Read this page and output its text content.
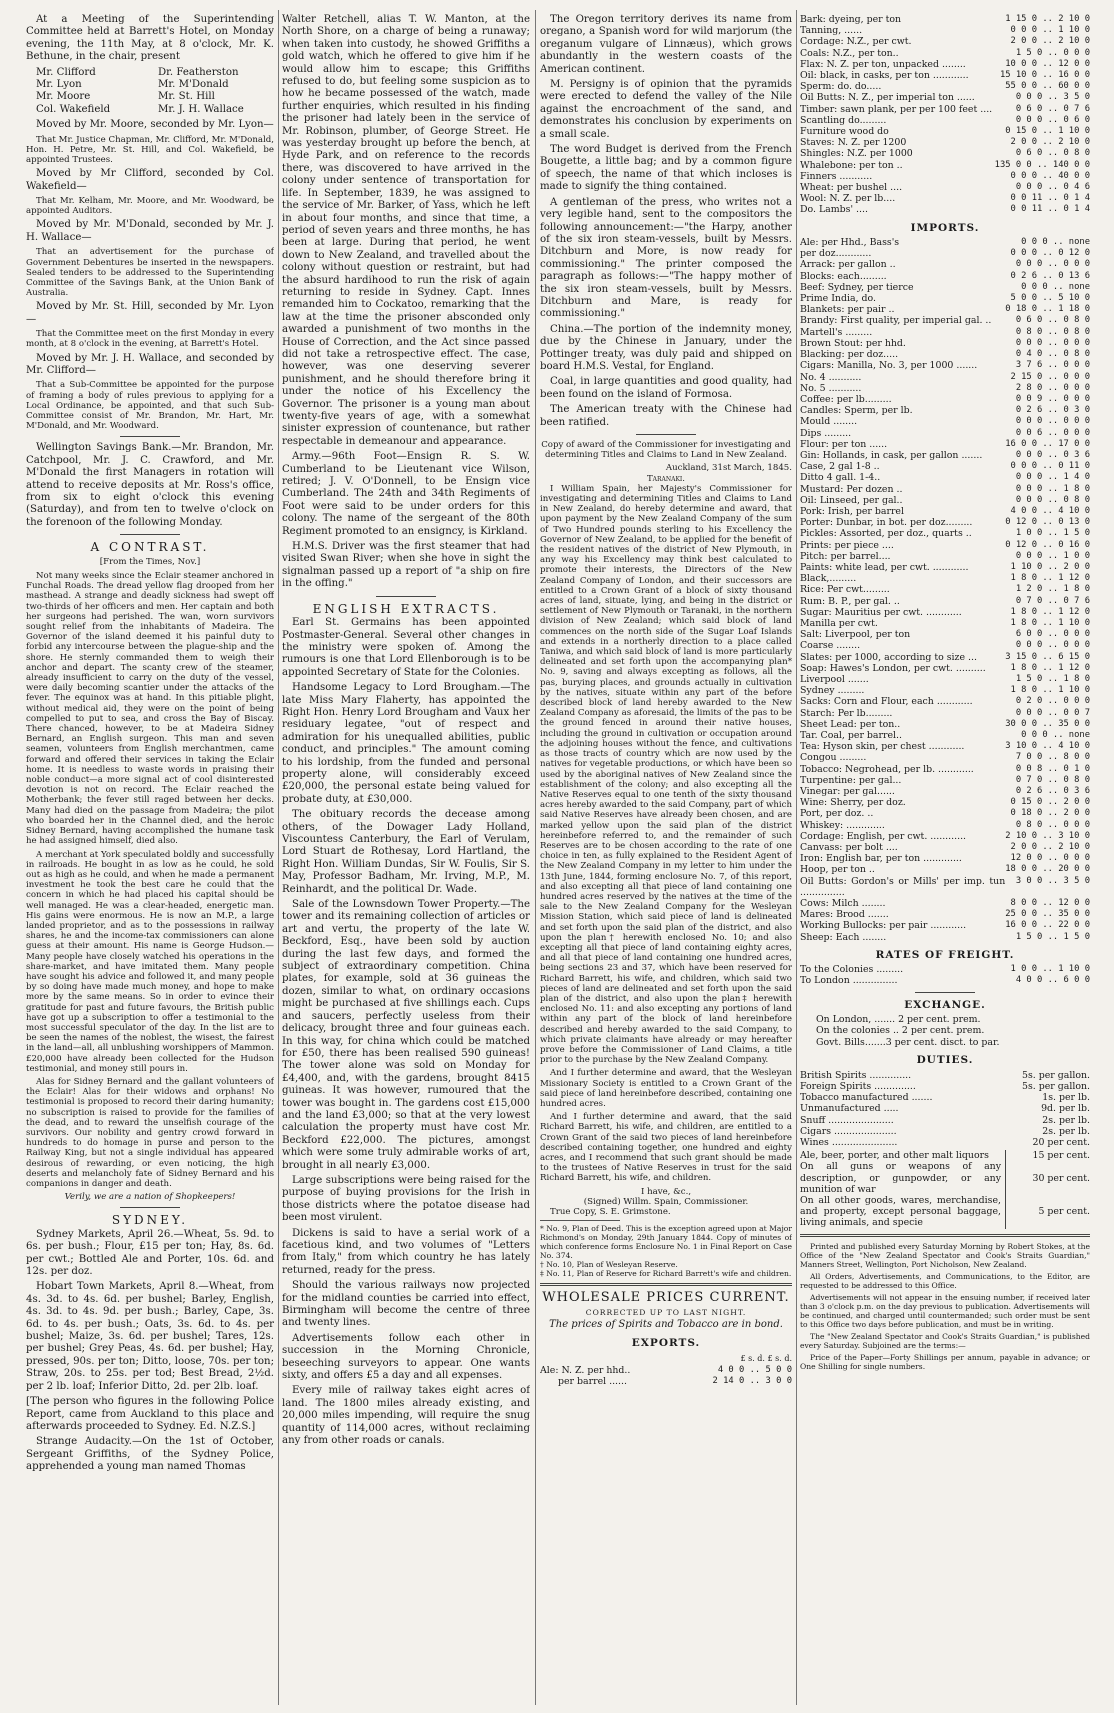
At a Meeting of the Superintending Committee held at Barrett's Hotel, on Monday evening, the 11th May, at 8 o'clock, Mr. K. Bethune, in the chair, present

Mr. Clifford	Dr. Featherston
Mr. Lyon	Mr. M'Donald
Mr. Moore	Mr. St. Hill
Col. Wakefield	Mr. J. H. Wallace

Moved by Mr. Moore, seconded by Mr. Lyon—

That Mr. Justice Chapman, Mr. Clifford, Mr. M'Donald, Hon. H. Petre, Mr. St. Hill, and Col. Wakefield, be appointed Trustees.

Moved by Mr Clifford, seconded by Col. Wakefield—

That Mr. Kelham, Mr. Moore, and Mr. Woodward, be appointed Auditors.

Moved by Mr. M'Donald, seconded by Mr. J. H. Wallace—

That an advertisement for the purchase of Government Debentures be inserted in the newspapers. Sealed tenders to be addressed to the Superintending Committee of the Savings Bank, at the Union Bank of Australia.

Moved by Mr. St. Hill, seconded by Mr. Lyon—

That the Committee meet on the first Monday in every month, at 8 o'clock in the evening, at Barrett's Hotel.

Moved by Mr. J. H. Wallace, and seconded by Mr. Clifford—

That a Sub-Committee be appointed for the purpose of framing a body of rules previous to applying for a Local Ordinance, be appointed, and that such Sub-Committee consist of Mr. Brandon, Mr. Hart, Mr. M'Donald, and Mr. Woodward.

Wellington Savings Bank.—Mr. Brandon, Mr. Catchpool, Mr. J. C. Crawford, and Mr. M'Donald the first Managers in rotation will attend to receive deposits at Mr. Ross's office, from six to eight o'clock this evening (Saturday), and from ten to twelve o'clock on the forenoon of the following Monday.

A CONTRAST.
[From the Times, Nov.]

Not many weeks since the Eclair steamer anchored in Funchal Roads. The dread yellow flag drooped from her masthead. A strange and deadly sickness had swept off two-thirds of her officers and men. Her captain and both her surgeons had perished. The wan, worn survivors sought relief from the inhabitants of Madeira. The Governor of the island deemed it his painful duty to forbid any intercourse between the plague-ship and the shore. He sternly commanded them to weigh their anchor and depart. The scanty crew of the steamer, already insufficient to carry on the duty of the vessel, were daily becoming scantier under the attacks of the fever. The equinox was at hand. In this pitiable plight, without medical aid, they were on the point of being compelled to put to sea, and cross the Bay of Biscay. There chanced, however, to be at Madeira Sidney Bernard, an English surgeon. This man and seven seamen, volunteers from English merchantmen, came forward and offered their services in taking the Eclair home. It is needless to waste words in praising their noble conduct—a more signal act of cool disinterested devotion is not on record. The Eclair reached the Motherbank; the fever still raged between her decks. Many had died on the passage from Madeira; the pilot who boarded her in the Channel died, and the heroic Sidney Bernard, having accomplished the humane task he had assigned himself, died also.

A merchant at York speculated boldly and successfully in railroads. He bought in as low as he could, he sold out as high as he could, and when he made a permanent investment he took the best care he could that the concern in which he had placed his capital should be well managed. He was a clear-headed, energetic man. His gains were enormous. He is now an M.P., a large landed proprietor, and as to the possessions in railway shares, he and the income-tax commissioners can alone guess at their amount. His name is George Hudson.—Many people have closely watched his operations in the share-market, and have imitated them. Many people have sought his advice and followed it, and many people by so doing have made much money, and hope to make more by the same means. So in order to evince their gratitude for past and future favours, the British public have got up a subscription to offer a testimonial to the most successful speculator of the day. In the list are to be seen the names of the noblest, the wisest, the fairest in the land—all, all unblushing worshippers of Mammon. £20,000 have already been collected for the Hudson testimonial, and money still pours in.

Alas for Sidney Bernard and the gallant volunteers of the Eclair! Alas for their widows and orphans! No testimonial is proposed to record their daring humanity; no subscription is raised to provide for the families of the dead, and to reward the unselfish courage of the survivors. Our nobility and gentry crowd forward in hundreds to do homage in purse and person to the Railway King, but not a single individual has appeared desirous of rewarding, or even noticing, the high deserts and melancholy fate of Sidney Bernard and his companions in danger and death.

Verily, we are a nation of Shopkeepers!
SYDNEY.

Sydney Markets, April 26.—Wheat, 5s. 9d. to 6s. per bush.; Flour, £15 per ton; Hay, 8s. 6d. per cwt.; Bottled Ale and Porter, 10s. 6d. and 12s. per doz.

Hobart Town Markets, April 8.—Wheat, from 4s. 3d. to 4s. 6d. per bushel; Barley, English, 4s. 3d. to 4s. 9d. per bush.; Barley, Cape, 3s. 6d. to 4s. per bush.; Oats, 3s. 6d. to 4s. per bushel; Maize, 3s. 6d. per bushel; Tares, 12s. per bushel; Grey Peas, 4s. 6d. per bushel; Hay, pressed, 90s. per ton; Ditto, loose, 70s. per ton; Straw, 20s. to 25s. per tod; Best Bread, 2½d. per 2 lb. loaf; Inferior Ditto, 2d. per 2lb. loaf.

[The person who figures in the following Police Report, came from Auckland to this place and afterwards proceeded to Sydney. Ed. N.Z.S.]

Strange Audacity.—On the 1st of October, Sergeant Griffiths, of the Sydney Police, apprehended a young man named Thomas

Walter Retchell, alias T. W. Manton, at the North Shore, on a charge of being a runaway; when taken into custody, he showed Griffiths a gold watch, which he offered to give him if he would allow him to escape; this Griffiths refused to do, but feeling some suspicion as to how he became possessed of the watch, made further enquiries, which resulted in his finding the prisoner had lately been in the service of Mr. Robinson, plumber, of George Street. He was yesterday brought up before the bench, at Hyde Park, and on reference to the records there, was discovered to have arrived in the colony under sentence of transportation for life. In September, 1839, he was assigned to the service of Mr. Barker, of Yass, which he left in about four months, and since that time, a period of seven years and three months, he has been at large. During that period, he went down to New Zealand, and travelled about the colony without question or restraint, but had the absurd hardihood to run the risk of again returning to reside in Sydney. Capt. Innes remanded him to Cockatoo, remarking that the law at the time the prisoner absconded only awarded a punishment of two months in the House of Correction, and the Act since passed did not take a retrospective effect. The case, however, was one deserving severer punishment, and he should therefore bring it under the notice of his Excellency the Governor. The prisoner is a young man about twenty-five years of age, with a somewhat sinister expression of countenance, but rather respectable in demeanour and appearance.

Army.—96th Foot—Ensign R. S. W. Cumberland to be Lieutenant vice Wilson, retired; J. V. O'Donnell, to be Ensign vice Cumberland. The 24th and 34th Regiments of Foot were said to be under orders for this colony. The name of the sergeant of the 80th Regiment promoted to an ensigncy, is Kirkland.

H.M.S. Driver was the first steamer that had visited Swan River; when she hove in sight the signalman passed up a report of "a ship on fire in the offing."

ENGLISH EXTRACTS.

Earl St. Germains has been appointed Postmaster-General. Several other changes in the ministry were spoken of. Among the rumours is one that Lord Ellenborough is to be appointed Secretary of State for the Colonies.

Handsome Legacy to Lord Brougham.—The late Miss Mary Flaherty, has appointed the Right Hon. Henry Lord Brougham and Vaux her residuary legatee, "out of respect and admiration for his unequalled abilities, public conduct, and principles." The amount coming to his lordship, from the funded and personal property alone, will considerably exceed £20,000, the personal estate being valued for probate duty, at £30,000.

The obituary records the decease among others, of the Dowager Lady Holland, Viscountess Canterbury, the Earl of Verulam, Lord Stuart de Rothesay, Lord Hartland, the Right Hon. William Dundas, Sir W. Foulis, Sir S. May, Professor Badham, Mr. Irving, M.P., M. Reinhardt, and the political Dr. Wade.

Sale of the Lownsdown Tower Property.—The tower and its remaining collection of articles or art and vertu, the property of the late W. Beckford, Esq., have been sold by auction during the last few days, and formed the subject of extraordinary competition. China plates, for example, sold at 36 guineas the dozen, similar to what, on ordinary occasions might be purchased at five shillings each. Cups and saucers, perfectly useless from their delicacy, brought three and four guineas each. In this way, for china which could be matched for £50, there has been realised 590 guineas! The tower alone was sold on Monday for £4,400, and, with the gardens, brought 8415 guineas. It was however, rumoured that the tower was bought in. The gardens cost £15,000 and the land £3,000; so that at the very lowest calculation the property must have cost Mr. Beckford £22,000. The pictures, amongst which were some truly admirable works of art, brought in all nearly £3,000.

Large subscriptions were being raised for the purpose of buying provisions for the Irish in those districts where the potatoe disease had been most virulent.

Dickens is said to have a serial work of a facetious kind, and two volumes of "Letters from Italy," from which country he has lately returned, ready for the press.

Should the various railways now projected for the midland counties be carried into effect, Birmingham will become the centre of three and twenty lines.

Advertisements follow each other in succession in the Morning Chronicle, beseeching surveyors to appear. One wants sixty, and offers £5 a day and all expenses.

Every mile of railway takes eight acres of land. The 1800 miles already existing, and 20,000 miles impending, will require the snug quantity of 114,000 acres, without reclaiming any from other roads or canals.

The Oregon territory derives its name from oregano, a Spanish word for wild marjorum (the oreganum vulgare of Linnæus), which grows abundantly in the western coasts of the American continent.

M. Persigny is of opinion that the pyramids were erected to defend the valley of the Nile against the encroachment of the sand, and demonstrates his conclusion by experiments on a small scale.

The word Budget is derived from the French Bougette, a little bag; and by a common figure of speech, the name of that which incloses is made to signify the thing contained.

A gentleman of the press, who writes not a very legible hand, sent to the compositors the following announcement:—"the Harpy, another of the six iron steam-vessels, built by Messrs. Ditchburn and More, is now ready for commissioning." The printer composed the paragraph as follows:—"The happy mother of the six iron steam-vessels, built by Messrs. Ditchburn and Mare, is ready for commissioning."

China.—The portion of the indemnity money, due by the Chinese in January, under the Pottinger treaty, was duly paid and shipped on board H.M.S. Vestal, for England.

Coal, in large quantities and good quality, had been found on the island of Formosa.

The American treaty with the Chinese had been ratified.

Copy of award of the Commissioner for investigating and determining Titles and Claims to Land in New Zealand.

Auckland, 31st March, 1845.
Taranaki.

I William Spain, her Majesty's Commissioner for investigating and determining Titles and Claims to Land in New Zealand, do hereby determine and award, that upon payment by the New Zealand Company of the sum of Two Hundred pounds sterling to his Excellency the Governor of New Zealand, to be applied for the benefit of the resident natives of the district of New Plymouth, in any way his Excellency may think best calculated to promote their interests, the Directors of the New Zealand Company of London, and their successors are entitled to a Crown Grant of a block of sixty thousand acres of land, situate, lying, and being in the district or settlement of New Plymouth or Taranaki, in the northern division of New Zealand; which said block of land commences on the north side of the Sugar Loaf Islands and extends in a northerly direction to a place called Taniwa, and which said block of land is more particularly delineated and set forth upon the accompanying plan* No. 9, saving and always excepting as follows, all the pas, burying places, and grounds actually in cultivation by the natives, situate within any part of the before described block of land hereby awarded to the New Zealand Company as aforesaid, the limits of the pas to be the ground fenced in around their native houses, including the ground in cultivation or occupation around the adjoining houses without the fence, and cultivations as those tracts of country which are now used by the natives for vegetable productions, or which have been so used by the aboriginal natives of New Zealand since the establishment of the colony; and also excepting all the Native Reserves equal to one tenth of the sixty thousand acres hereby awarded to the said Company, part of which said Native Reserves have already been chosen, and are marked yellow upon the said plan of the district hereinbefore referred to, and the remainder of such Reserves are to be chosen according to the rate of one choice in ten, as fully explained to the Resident Agent of the New Zealand Company in my letter to him under the 13th June, 1844, forming enclosure No. 7, of this report, and also excepting all that piece of land containing one hundred acres reserved by the natives at the time of the sale to the New Zealand Company for the Wesleyan Mission Station, which said piece of land is delineated and set forth upon the said plan of the district, and also upon the plan† herewith enclosed No. 10; and also excepting all that piece of land containing eighty acres, and all that piece of land containing one hundred acres, being sections 23 and 37, which have been reserved for Richard Barrett, his wife, and children, which said two pieces of land are delineated and set forth upon the said plan of the district, and also upon the plan‡ herewith enclosed No. 11: and also excepting any portions of land within any part of the block of land hereinbefore described and hereby awarded to the said Company, to which private claimants have already or may hereafter prove before the Commissioner of Land Claims, a title prior to the purchase by the New Zealand Company.

And I further determine and award, that the Wesleyan Missionary Society is entitled to a Crown Grant of the said piece of land hereinbefore described, containing one hundred acres.

And I further determine and award, that the said Richard Barrett, his wife, and children, are entitled to a Crown Grant of the said two pieces of land hereinbefore described containing together, one hundred and eighty acres, and I recommend that such grant should be made to the trustees of Native Reserves in trust for the said Richard Barrett, his wife, and children.

I have, &c.,
(Signed) Willm. Spain, Commissioner.
True Copy, S. E. Grimstone.
* No. 9, Plan of Deed. This is the exception agreed upon at Major Richmond's on Monday, 29th January 1844. Copy of minutes of which conference forms Enclosure No. 1 in Final Report on Case No. 374.
† No. 10, Plan of Wesleyan Reserve.
‡ No. 11, Plan of Reserve for Richard Barrett's wife and children.
WHOLESALE PRICES CURRENT.
CORRECTED UP TO LAST NIGHT.
The prices of Spirits and Tobacco are in bond.
EXPORTS.
£ s. d. £ s. d.
Ale: N. Z. per hhd..	4 0 0 .. 5 0 0
per barrel ......	2 14 0 .. 3 0 0
Bark: dyeing, per ton	1 15 0 .. 2 10 0
Tanning, ......	0 0 0 .. 1 10 0
Cordage: N.Z., per cwt.	2 0 0 .. 2 10 0
Coals: N.Z., per ton..	1 5 0 .. 0 0 0
Flax: N. Z. per ton, unpacked ........	10 0 0 .. 12 0 0
Oil: black, in casks, per ton ............	15 10 0 .. 16 0 0
Sperm: do. do.....	55 0 0 .. 60 0 0
Oil Butts: N. Z., per imperial ton ......	0 0 0 .. 3 5 0
Timber: sawn plank, per per 100 feet ....	0 6 0 .. 0 7 6
Scantling do.........	0 0 0 .. 0 6 0
Furniture wood do	0 15 0 .. 1 10 0
Staves: N. Z. per 1200	2 0 0 .. 2 10 0
Shingles: N.Z. per 1000	0 6 0 .. 0 8 0
Whalebone: per ton ..	135 0 0 .. 140 0 0
Finners ...........	0 0 0 .. 40 0 0
Wheat: per bushel ....	0 0 0 .. 0 4 6
Wool: N. Z. per lb....	0 0 11 .. 0 1 4
Do. Lambs' ....	0 0 11 .. 0 1 4
IMPORTS.
Ale: per Hhd., Bass's	0 0 0 .. none
per doz............	0 0 0 .. 0 12 0
Arrack: per gallon ..	0 0 0 .. 0 0 0
Blocks: each.........	0 2 6 .. 0 13 6
Beef: Sydney, per tierce	0 0 0 .. none
Prime India, do.	5 0 0 .. 5 10 0
Blankets: per pair ..	0 18 0 .. 1 18 0
Brandy: First quality, per imperial gal. ..	0 6 0 .. 0 8 0
Martell's .........	0 8 0 .. 0 8 0
Brown Stout: per hhd.	0 0 0 .. 0 0 0
Blacking: per doz.....	0 4 0 .. 0 8 0
Cigars: Manilla, No. 3, per 1000 .......	3 7 6 .. 0 0 0
No. 4 ...........	2 15 0 .. 0 0 0
No. 5 ...........	2 8 0 .. 0 0 0
Coffee: per lb.........	0 0 9 .. 0 0 0
Candles: Sperm, per lb.	0 2 6 .. 0 3 0
Mould ........	0 0 0 .. 0 0 0
Dips .........	0 0 6 .. 0 0 0
Flour: per ton ......	16 0 0 .. 17 0 0
Gin: Hollands, in cask, per gallon .......	0 0 0 .. 0 3 6
Case, 2 gal 1-8 ..	0 0 0 .. 0 11 0
Ditto 4 gall. 1-4..	0 0 0 .. 1 4 0
Mustard: Per dozen ..	0 0 0 .. 1 8 0
Oil: Linseed, per gal..	0 0 0 .. 0 8 0
Pork: Irish, per barrel	4 0 0 .. 4 10 0
Porter: Dunbar, in bot. per doz.........	0 12 0 .. 0 13 0
Pickles: Assorted, per doz., quarts ..	1 0 0 .. 1 5 0
Prints: per piece ....	0 12 0 .. 0 16 0
Pitch: per barrel....	0 0 0 .. 1 0 0
Paints: white lead, per cwt. ............	1 10 0 .. 2 0 0
Black,.........	1 8 0 .. 1 12 0
Rice: Per cwt.........	1 2 0 .. 1 8 0
Rum: B. P., per gal. ..	0 7 0 .. 0 7 6
Sugar: Mauritius per cwt. ............	1 8 0 .. 1 12 0
Manilla per cwt.	1 8 0 .. 1 10 0
Salt: Liverpool, per ton	6 0 0 .. 0 0 0
Coarse ........	0 0 0 .. 0 0 0
Slates: per 1000, according to size ...	3 15 0 .. 6 15 0
Soap: Hawes's London, per cwt. ..........	1 8 0 .. 1 12 0
Liverpool .......	1 5 0 .. 1 8 0
Sydney .........	1 8 0 .. 1 10 0
Sacks: Corn and Flour, each ............	0 2 0 .. 0 0 0
Starch: Per lb.........	0 0 0 .. 0 0 7
Sheet Lead: per ton..	30 0 0 .. 35 0 0
Tar. Coal, per barrel..	0 0 0 .. none
Tea: Hyson skin, per chest ............	3 10 0 .. 4 10 0
Congou .........	7 0 0 .. 8 0 0
Tobacco: Negrohead, per lb. ............	0 0 8 .. 0 1 0
Turpentine: per gal...	0 7 0 .. 0 8 0
Vinegar: per gal......	0 2 6 .. 0 3 6
Wine: Sherry, per doz.	0 15 0 .. 2 0 0
Port, per doz. ..	0 18 0 .. 2 0 0
Whiskey: .............	0 8 0 .. 0 0 0
Cordage: English, per cwt. ............	2 10 0 .. 3 10 0
Canvass: per bolt ....	2 0 0 .. 2 10 0
Iron: English bar, per ton .............	12 0 0 .. 0 0 0
Hoop, per ton ..	18 0 0 .. 20 0 0
Oil Butts: Gordon's or Mills' per imp. tun ...............	3 0 0 .. 3 5 0
Cows: Milch ........	8 0 0 .. 12 0 0
Mares: Brood .......	25 0 0 .. 35 0 0
Working Bullocks: per pair ............	16 0 0 .. 22 0 0
Sheep: Each ........	1 5 0 .. 1 5 0
RATES OF FREIGHT.
To the Colonies .........	1 0 0 .. 1 10 0
To London ...............	4 0 0 .. 6 0 0
EXCHANGE.
On London, ....... 2 per cent. prem.
On the colonies .. 2 per cent. prem.
Govt. Bills.......3 per cent. disct. to par.
DUTIES.
British Spirits ..............	5s. per gallon.
Foreign Spirits ..............	5s. per gallon.
Tobacco manufactured .......	1s. per lb.
Unmanufactured .....	9d. per lb.
Snuff ......................	2s. per lb.
Cigars .....................	2s. per lb.
Wines ......................	20 per cent.
Ale, beer, porter, and other malt liquors	15 per cent.
On all guns or weapons of any description, or gunpowder, or any munition of war	30 per cent.
On all other goods, wares, merchandise, and property, except personal baggage, living animals, and specie	5 per cent.

Printed and published every Saturday Morning by Robert Stokes, at the Office of the "New Zealand Spectator and Cook's Straits Guardian," Manners Street, Wellington, Port Nicholson, New Zealand.

All Orders, Advertisements, and Communications, to the Editor, are requested to be addressed to this Office.

Advertisements will not appear in the ensuing number, if received later than 3 o'clock p.m. on the day previous to publication. Advertisements will be continued, and charged until countermanded; such order must be sent to this Office two days before publication, and must be in writing.

The "New Zealand Spectator and Cook's Straits Guardian," is published every Saturday. Subjoined are the terms:—

Price of the Paper—Forty Shillings per annum, payable in advance; or One Shilling for single numbers.
